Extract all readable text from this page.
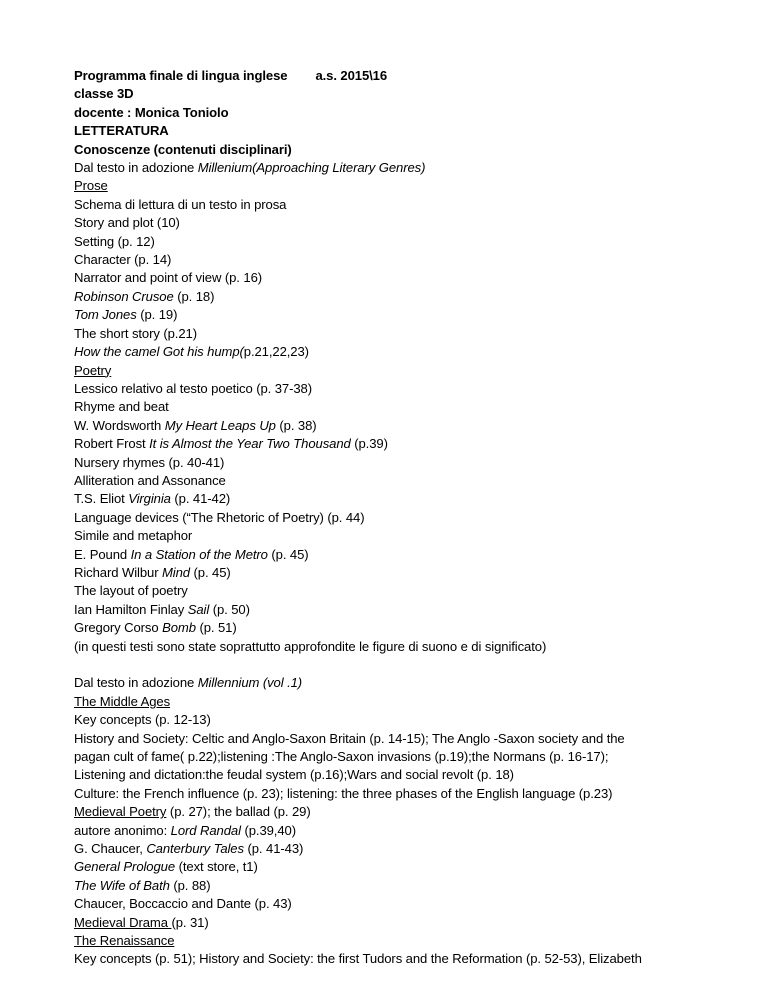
Programma finale di lingua inglese a.s. 2015\16
classe 3D
docente : Monica Toniolo
LETTERATURA
Conoscenze (contenuti disciplinari)
Dal testo in adozione Millenium(Approaching Literary Genres)
Prose
Schema di lettura di un testo in prosa
Story and plot (10)
Setting (p. 12)
Character (p. 14)
Narrator and point of view (p. 16)
Robinson Crusoe (p. 18)
Tom Jones (p. 19)
The short story (p.21)
How the camel Got his hump(p.21,22,23)
Poetry
Lessico relativo al testo poetico (p. 37-38)
Rhyme and beat
W. Wordsworth My Heart Leaps Up (p. 38)
Robert Frost It is Almost the Year Two Thousand (p.39)
Nursery rhymes (p. 40-41)
Alliteration and Assonance
T.S. Eliot Virginia (p. 41-42)
Language devices (“The Rhetoric of Poetry) (p. 44)
Simile and metaphor
E. Pound In a Station of the Metro (p. 45)
Richard Wilbur Mind (p. 45)
The layout of poetry
Ian Hamilton Finlay Sail (p. 50)
Gregory Corso Bomb (p. 51)
(in questi testi sono state soprattutto approfondite le figure di suono e di significato)
Dal testo in adozione Millennium (vol .1)
The Middle Ages
Key concepts (p. 12-13)
History and Society: Celtic and Anglo-Saxon Britain (p. 14-15); The Anglo -Saxon society and the
pagan cult of fame( p.22);listening :The Anglo-Saxon invasions (p.19);the Normans (p. 16-17);
Listening and dictation:the feudal system (p.16);Wars and social revolt (p. 18)
Culture: the French influence (p. 23); listening: the three phases of the English language (p.23)
Medieval Poetry (p. 27); the ballad (p. 29)
autore anonimo: Lord Randal (p.39,40)
G. Chaucer, Canterbury Tales (p. 41-43)
General Prologue (text store, t1)
The Wife of Bath (p. 88)
Chaucer, Boccaccio and Dante (p. 43)
Medieval Drama (p. 31)
The Renaissance
Key concepts (p. 51); History and Society: the first Tudors and the Reformation (p. 52-53), Elizabeth
